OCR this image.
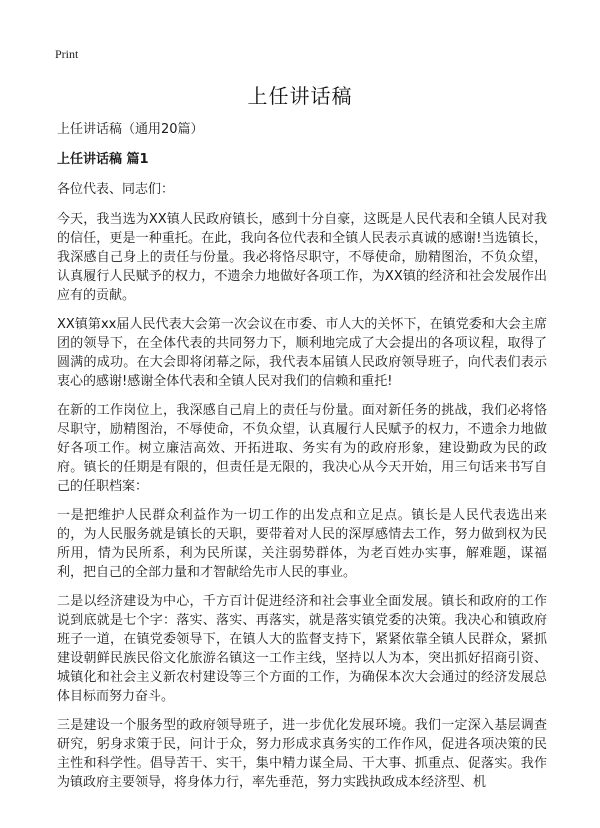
Print
上任讲话稿

上任讲话稿（通用20篇）

上任讲话稿 篇1

各位代表、同志们：

今天，我当选为XX镇人民政府镇长，感到十分自豪，这既是人民代表和全镇人民对我的信任，更是一种重托。在此，我向各位代表和全镇人民表示真诚的感谢!当选镇长，我深感自己身上的责任与份量。我必将恪尽职守，不辱使命，励精图治，不负众望，认真履行人民赋予的权力，不遗余力地做好各项工作，为XX镇的经济和社会发展作出应有的贡献。

XX镇第xx届人民代表大会第一次会议在市委、市人大的关怀下，在镇党委和大会主席团的领导下，在全体代表的共同努力下，顺利地完成了大会提出的各项议程，取得了圆满的成功。在大会即将闭幕之际，我代表本届镇人民政府领导班子，向代表们表示衷心的感谢!感谢全体代表和全镇人民对我们的信赖和重托!

在新的工作岗位上，我深感自己肩上的责任与份量。面对新任务的挑战，我们必将恪尽职守，励精图治，不辱使命，不负众望，认真履行人民赋予的权力，不遗余力地做好各项工作。树立廉洁高效、开拓进取、务实有为的政府形象，建设勤政为民的政府。镇长的任期是有限的，但责任是无限的，我决心从今天开始，用三句话来书写自己的任职档案：

一是把维护人民群众利益作为一切工作的出发点和立足点。镇长是人民代表选出来的，为人民服务就是镇长的天职，要带着对人民的深厚感情去工作，努力做到权为民所用，情为民所系，利为民所谋，关注弱势群体，为老百姓办实事，解难题，谋福利，把自己的全部力量和才智献给先市人民的事业。

二是以经济建设为中心，千方百计促进经济和社会事业全面发展。镇长和政府的工作说到底就是七个字：落实、落实、再落实，就是落实镇党委的决策。我决心和镇政府班子一道，在镇党委领导下，在镇人大的监督支持下，紧紧依靠全镇人民群众，紧抓建设朝鲜民族民俗文化旅游名镇这一工作主线，坚持以人为本，突出抓好招商引资、城镇化和社会主义新农村建设等三个方面的工作，为确保本次大会通过的经济发展总体目标而努力奋斗。

三是建设一个服务型的政府领导班子，进一步优化发展环境。我们一定深入基层调查研究，躬身求策于民，问计于众，努力形成求真务实的工作作风，促进各项决策的民主性和科学性。倡导苦干、实干，集中精力谋全局、干大事、抓重点、促落实。我作为镇政府主要领导，将身体力行，率先垂范，努力实践执政成本经济型、机
